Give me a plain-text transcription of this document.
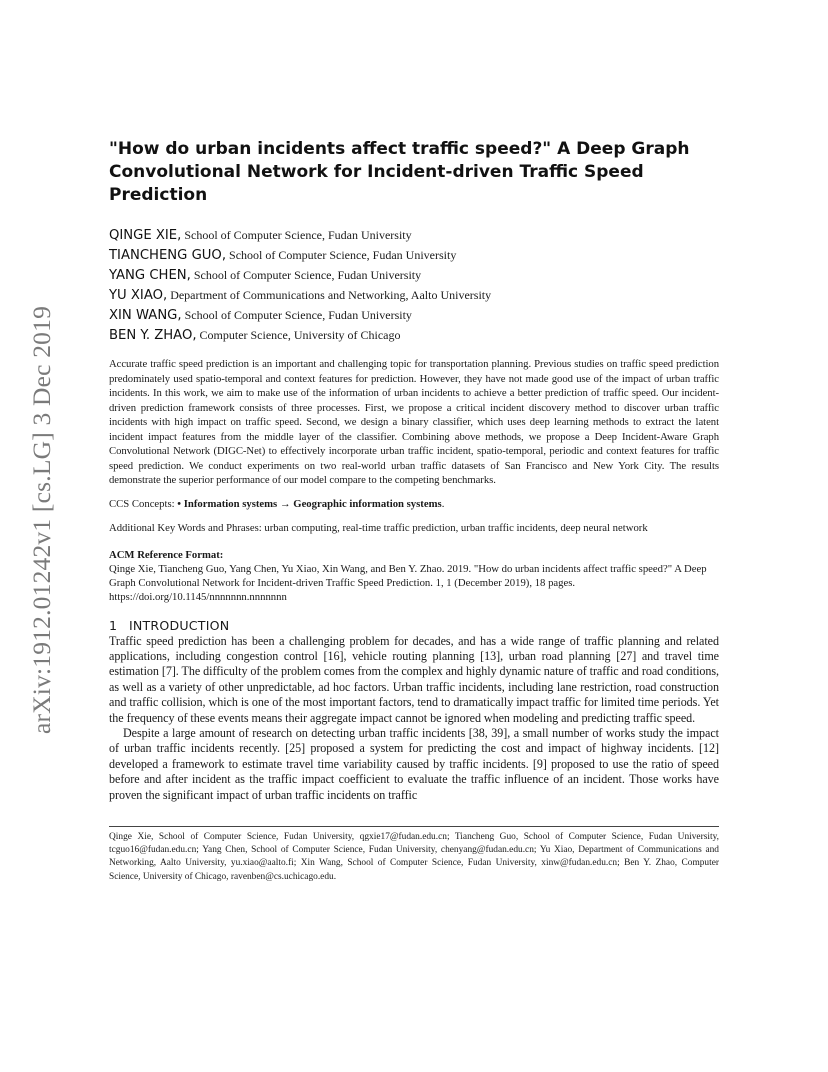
arXiv:1912.01242v1 [cs.LG] 3 Dec 2019
"How do urban incidents affect traffic speed?" A Deep Graph Convolutional Network for Incident-driven Traffic Speed Prediction
QINGE XIE, School of Computer Science, Fudan University
TIANCHENG GUO, School of Computer Science, Fudan University
YANG CHEN, School of Computer Science, Fudan University
YU XIAO, Department of Communications and Networking, Aalto University
XIN WANG, School of Computer Science, Fudan University
BEN Y. ZHAO, Computer Science, University of Chicago
Accurate traffic speed prediction is an important and challenging topic for transportation planning. Previous studies on traffic speed prediction predominately used spatio-temporal and context features for prediction. However, they have not made good use of the impact of urban traffic incidents. In this work, we aim to make use of the information of urban incidents to achieve a better prediction of traffic speed. Our incident-driven prediction framework consists of three processes. First, we propose a critical incident discovery method to discover urban traffic incidents with high impact on traffic speed. Second, we design a binary classifier, which uses deep learning methods to extract the latent incident impact features from the middle layer of the classifier. Combining above methods, we propose a Deep Incident-Aware Graph Convolutional Network (DIGC-Net) to effectively incorporate urban traffic incident, spatio-temporal, periodic and context features for traffic speed prediction. We conduct experiments on two real-world urban traffic datasets of San Francisco and New York City. The results demonstrate the superior performance of our model compare to the competing benchmarks.
CCS Concepts: • Information systems → Geographic information systems.
Additional Key Words and Phrases: urban computing, real-time traffic prediction, urban traffic incidents, deep neural network
ACM Reference Format:
Qinge Xie, Tiancheng Guo, Yang Chen, Yu Xiao, Xin Wang, and Ben Y. Zhao. 2019. "How do urban incidents affect traffic speed?" A Deep Graph Convolutional Network for Incident-driven Traffic Speed Prediction. 1, 1 (December 2019), 18 pages.
https://doi.org/10.1145/nnnnnnn.nnnnnnn
1 INTRODUCTION

Traffic speed prediction has been a challenging problem for decades, and has a wide range of traffic planning and related applications, including congestion control [16], vehicle routing planning [13], urban road planning [27] and travel time estimation [7]. The difficulty of the problem comes from the complex and highly dynamic nature of traffic and road conditions, as well as a variety of other unpredictable, ad hoc factors. Urban traffic incidents, including lane restriction, road construction and traffic collision, which is one of the most important factors, tend to dramatically impact traffic for limited time periods. Yet the frequency of these events means their aggregate impact cannot be ignored when modeling and predicting traffic speed.

Despite a large amount of research on detecting urban traffic incidents [38, 39], a small number of works study the impact of urban traffic incidents recently. [25] proposed a system for predicting the cost and impact of highway incidents. [12] developed a framework to estimate travel time variability caused by traffic incidents. [9] proposed to use the ratio of speed before and after incident as the traffic impact coefficient to evaluate the traffic influence of an incident. Those works have proven the significant impact of urban traffic incidents on traffic

Qinge Xie, School of Computer Science, Fudan University, qgxie17@fudan.edu.cn; Tiancheng Guo, School of Computer Science, Fudan University, tcguo16@fudan.edu.cn; Yang Chen, School of Computer Science, Fudan University, chenyang@fudan.edu.cn; Yu Xiao, Department of Communications and Networking, Aalto University, yu.xiao@aalto.fi; Xin Wang, School of Computer Science, Fudan University, xinw@fudan.edu.cn; Ben Y. Zhao, Computer Science, University of Chicago, ravenben@cs.uchicago.edu.
